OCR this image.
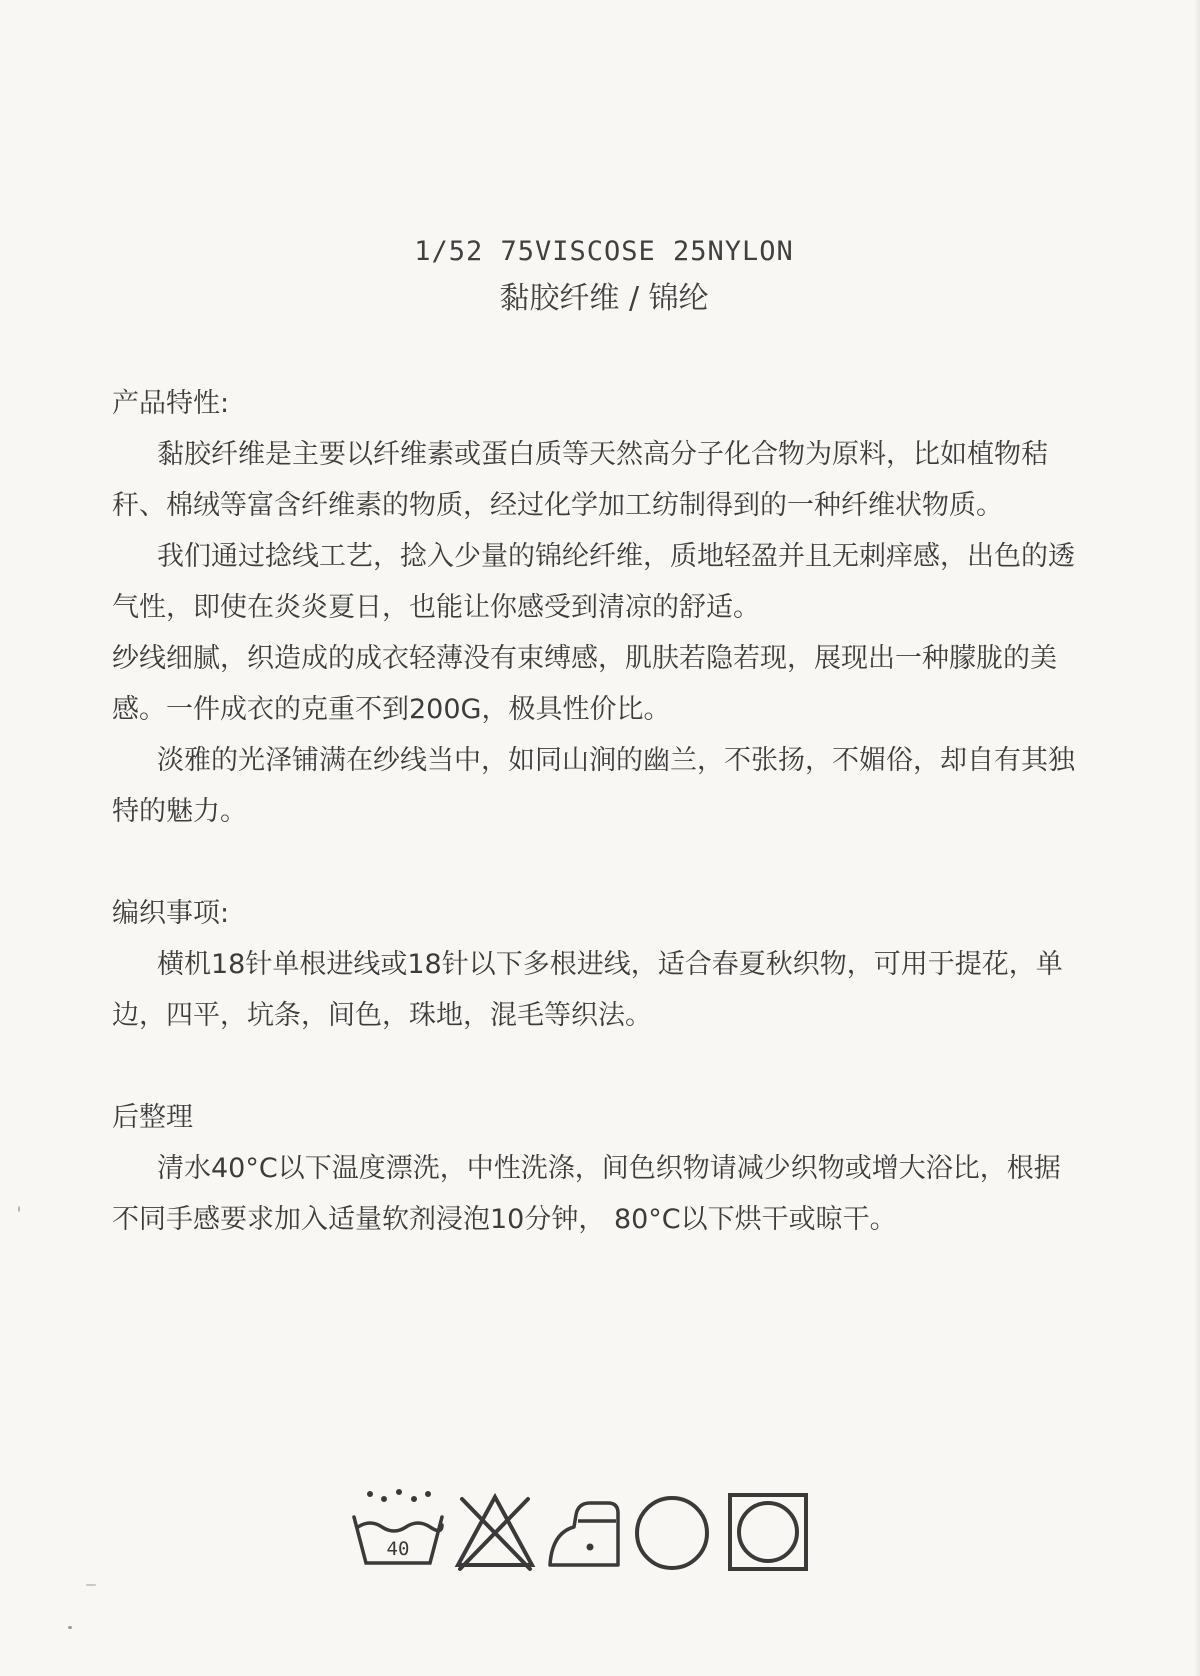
1/52 75VISCOSE 25NYLON
黏胶纤维 / 锦纶

产品特性:

黏胶纤维是主要以纤维素或蛋白质等天然高分子化合物为原料，比如植物秸秆、棉绒等富含纤维素的物质，经过化学加工纺制得到的一种纤维状物质。

我们通过捻线工艺，捻入少量的锦纶纤维，质地轻盈并且无刺痒感，出色的透气性，即使在炎炎夏日，也能让你感受到清凉的舒适。

纱线细腻，织造成的成衣轻薄没有束缚感，肌肤若隐若现，展现出一种朦胧的美感。一件成衣的克重不到200G，极具性价比。

淡雅的光泽铺满在纱线当中，如同山涧的幽兰，不张扬，不媚俗，却自有其独特的魅力。

编织事项:

横机18针单根进线或18针以下多根进线，适合春夏秋织物，可用于提花，单边，四平，坑条，间色，珠地，混毛等织法。

后整理

清水40°C以下温度漂洗，中性洗涤，间色织物请减少织物或增大浴比，根据不同手感要求加入适量软剂浸泡10分钟， 80°C以下烘干或晾干。

40
